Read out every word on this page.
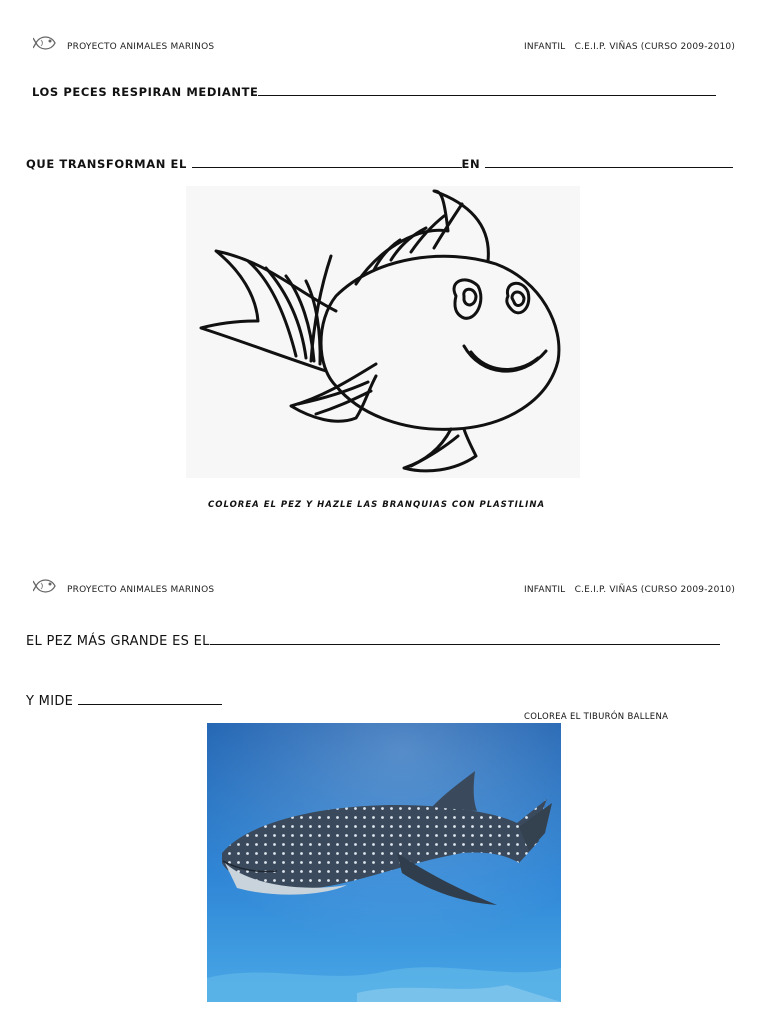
PROYECTO ANIMALES MARINOS	INFANTIL   C.E.I.P. VIÑAS (CURSO 2009-2010)
LOS PECES RESPIRAN MEDIANTE
QUE TRANSFORMAN EL	EN
COLOREA EL PEZ Y HAZLE LAS BRANQUIAS CON PLASTILINA
PROYECTO ANIMALES MARINOS	INFANTIL   C.E.I.P. VIÑAS (CURSO 2009-2010)
EL PEZ MÁS GRANDE ES EL
Y MIDE
COLOREA EL TIBURÓN BALLENA
